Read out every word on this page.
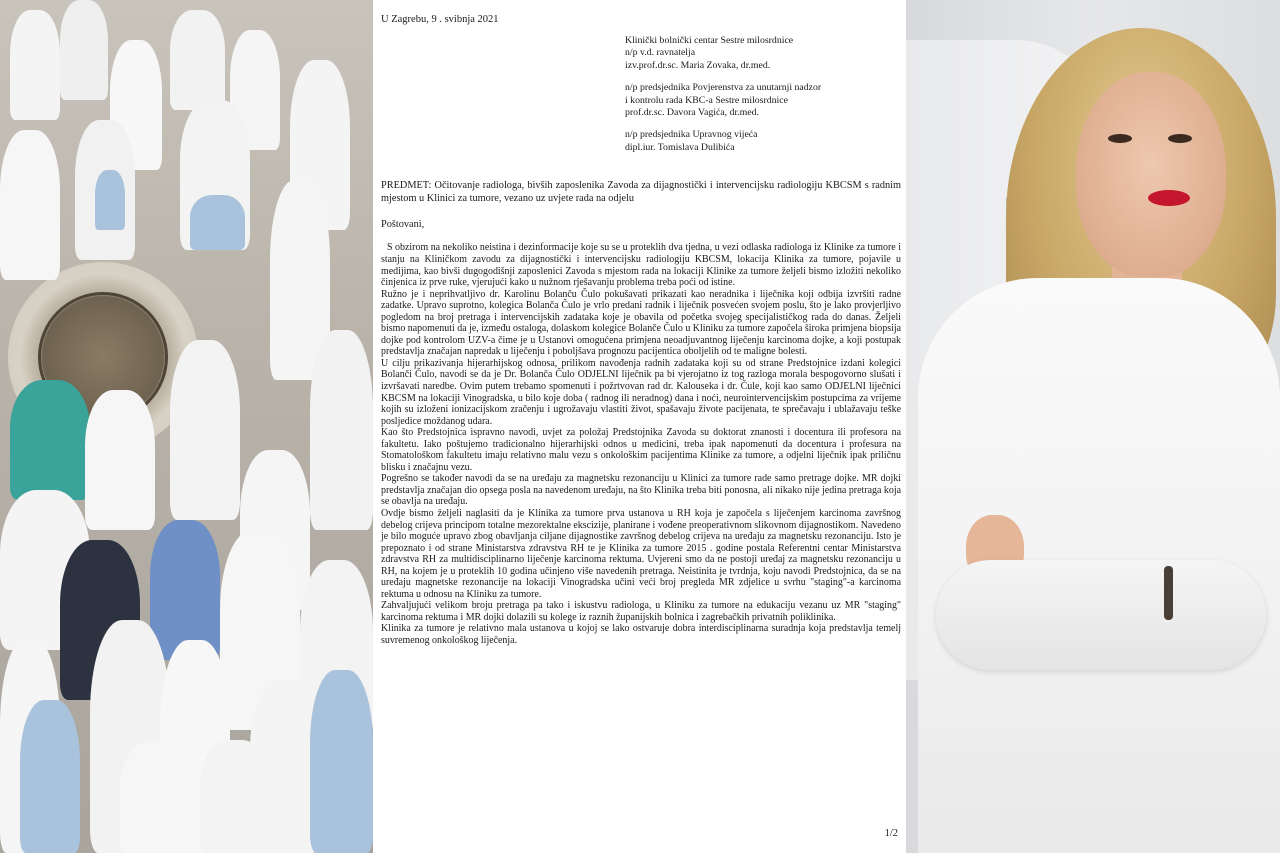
U Zagrebu, 9 . svibnja 2021
Klinički bolnički centar Sestre milosrdnice
n/p v.d. ravnatelja
izv.prof.dr.sc. Maria Zovaka, dr.med.
n/p predsjednika Povjerenstva za unutarnji nadzor
i kontrolu rada KBC-a Sestre milosrdnice
prof.dr.sc. Davora Vagića, dr.med.
n/p predsjednika Upravnog vijeća
dipl.iur. Tomislava Dulibića
PREDMET: Očitovanje radiologa, bivših zaposlenika Zavoda za dijagnostički i intervencijsku radiologiju KBCSM s radnim mjestom u Klinici za tumore, vezano uz uvjete rada na odjelu
Poštovani,

S obzirom na nekoliko neistina i dezinformacije koje su se u proteklih dva tjedna, u vezi odlaska radiologa iz Klinike za tumore i stanju na Kliničkom zavodu za dijagnostički i intervencijsku radiologiju KBCSM, lokacija Klinika za tumore, pojavile u medijima, kao bivši dugogodišnji zaposlenici Zavoda s mjestom rada na lokaciji Klinike za tumore željeli bismo izložiti nekoliko činjenica iz prve ruke, vjerujući kako u nužnom rješavanju problema treba poći od istine.

Ružno je i neprihvatljivo dr. Karolinu Bolanču Čulo pokušavati prikazati kao neradnika i liječnika koji odbija izvršiti radne zadatke. Upravo suprotno, kolegica Bolanča Čulo je vrlo predani radnik i liječnik posvećen svojem poslu, što je lako provjerljivo pogledom na broj pretraga i intervencijskih zadataka koje je obavila od početka svojeg specijalističkog rada do danas. Željeli bismo napomenuti da je, između ostaloga, dolaskom kolegice Bolanče Čulo u Kliniku za tumore započela široka primjena biopsija dojke pod kontrolom UZV-a čime je u Ustanovi omogućena primjena neoadjuvantnog liječenju karcinoma dojke, a koji postupak predstavlja značajan napredak u liječenju i poboljšava prognozu pacijentica oboljelih od te maligne bolesti.

U cilju prikazivanja hijerarhijskog odnosa, prilikom navođenja radnih zadataka koji su od strane Predstojnice izdani kolegici Bolanči Čulo, navodi se da je Dr. Bolanča Čulo ODJELNI liječnik pa bi vjerojatno iz tog razloga morala bespogovorno slušati i izvršavati naredbe. Ovim putem trebamo spomenuti i požrtvovan rad dr. Kalouseka i dr. Čule, koji kao samo ODJELNI liječnici KBCSM na lokaciji Vinogradska, u bilo koje doba ( radnog ili neradnog) dana i noći, neurointervencijskim postupcima za vrijeme kojih su izloženi ionizacijskom zračenju i ugrožavaju vlastiti život, spašavaju živote pacijenata, te sprečavaju i ublažavaju teške posljedice moždanog udara.

Kao što Predstojnica ispravno navodi, uvjet za položaj Predstojnika Zavoda su doktorat znanosti i docentura ili profesora na fakultetu. Iako poštujemo tradicionalno hijerarhijski odnos u medicini, treba ipak napomenuti da docentura i profesura na Stomatološkom fakultetu imaju relativno malu vezu s onkološkim pacijentima Klinike za tumore, a odjelni liječnik ipak priličnu blisku i značajnu vezu.

Pogrešno se također navodi da se na uređaju za magnetsku rezonanciju u Klinici za tumore rade samo pretrage dojke. MR dojki predstavlja značajan dio opsega posla na navedenom uređaju, na što Klinika treba biti ponosna, ali nikako nije jedina pretraga koja se obavlja na uređaju.

Ovdje bismo željeli naglasiti da je Klinika za tumore prva ustanova u RH koja je započela s liječenjem karcinoma završnog debelog crijeva principom totalne mezorektalne ekscizije, planirane i vođene preoperativnom slikovnom dijagnostikom. Navedeno je bilo moguće upravo zbog obavljanja ciljane dijagnostike završnog debelog crijeva na uređaju za magnetsku rezonanciju. Isto je prepoznato i od strane Ministarstva zdravstva RH te je Klinika za tumore 2015 . godine postala Referentni centar Ministarstva zdravstva RH za multidisciplinarno liječenje karcinoma rektuma. Uvjereni smo da ne postoji uređaj za magnetsku rezonanciju u RH, na kojem je u proteklih 10 godina učinjeno više navedenih pretraga. Neistinita je tvrdnja, koju navodi Predstojnica, da se na uređaju magnetske rezonancije na lokaciji Vinogradska učini veći broj pregleda MR zdjelice u svrhu "staging"-a karcinoma rektuma u odnosu na Kliniku za tumore.

Zahvaljujući velikom broju pretraga pa tako i iskustvu radiologa, u Kliniku za tumore na edukaciju vezanu uz MR "staging" karcinoma rektuma i MR dojki dolazili su kolege iz raznih županijskih bolnica i zagrebačkih privatnih poliklinika.

Klinika za tumore je relativno mala ustanova u kojoj se lako ostvaruje dobra interdisciplinarna suradnja koja predstavlja temelj suvremenog onkološkog liječenja.

1/2
